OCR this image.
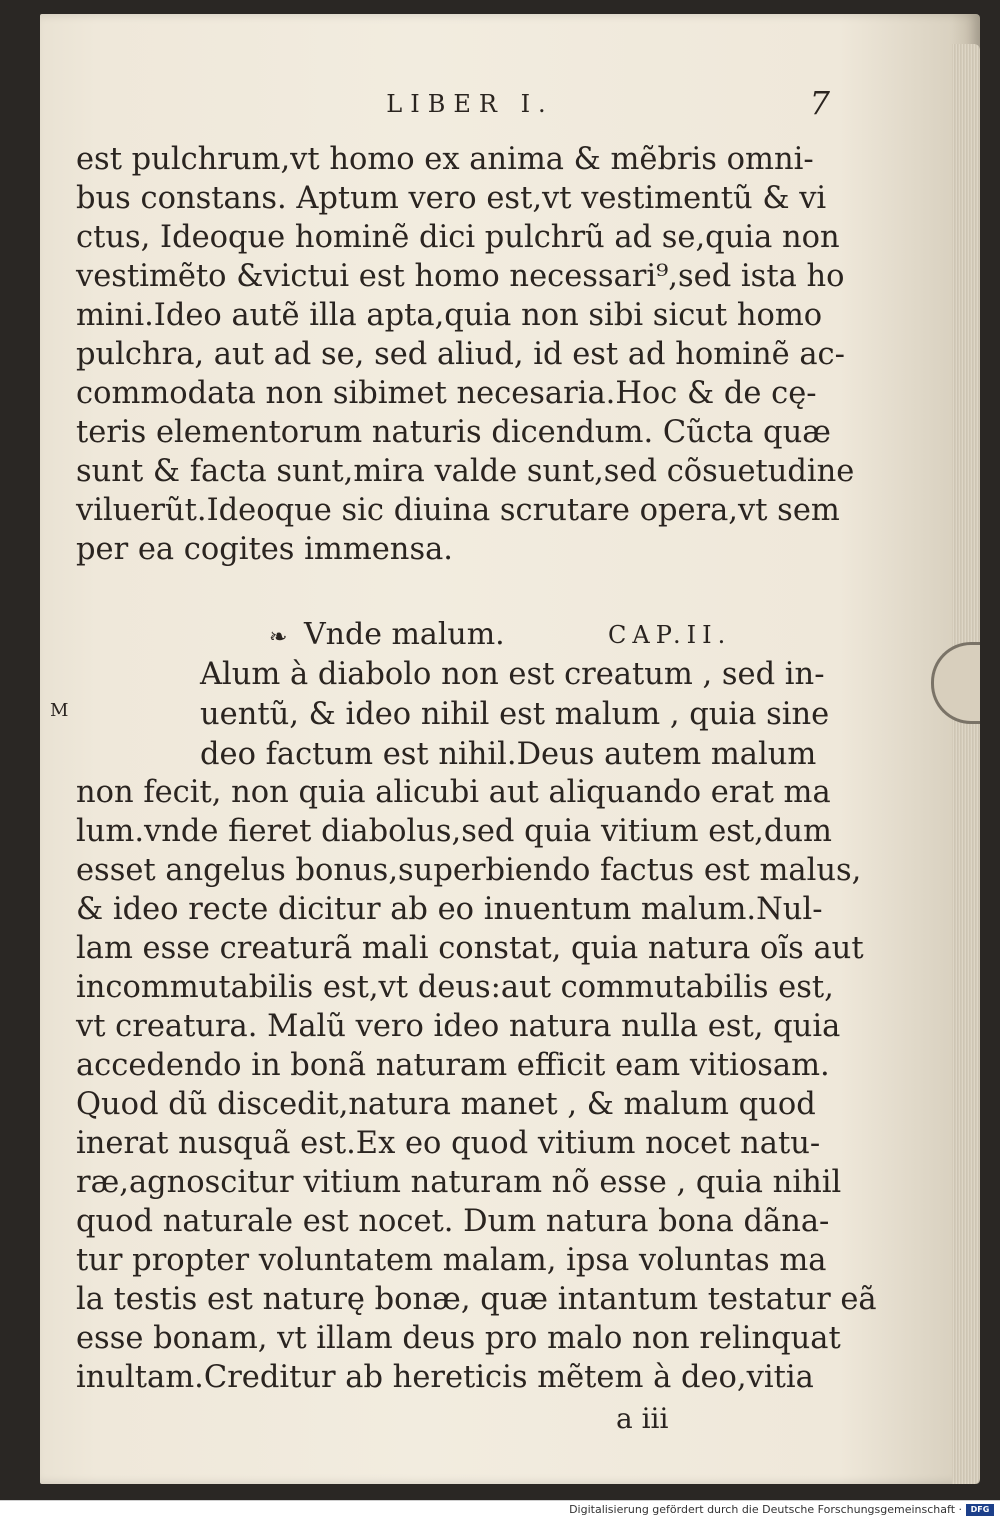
LIBER I.	7
est pulchrum,vt homo ex anima & mẽbris omni-
bus constans. Aptum vero est,vt vestimentũ & vi
ctus, Ideoque hominẽ dici pulchrũ ad se,quia non
vestimẽto &victui est homo necessari⁹,sed ista ho
mini.Ideo autẽ illa apta,quia non sibi sicut homo
pulchra, aut ad se, sed aliud, id est ad hominẽ ac-
commodata non sibimet necesaria.Hoc & de cę-
teris elementorum naturis dicendum. Cũcta quæ
sunt & facta sunt,mira valde sunt,sed cõsuetudine
viluerũt.Ideoque sic diuina scrutare opera,vt sem
per ea cogites immensa.
❧ Vnde malum.	CAP.II.
M
Alum à diabolo non est creatum , sed in-
uentũ, & ideo nihil est malum , quia sine
deo factum est nihil.Deus autem malum
non fecit, non quia alicubi aut aliquando erat ma
lum.vnde fieret diabolus,sed quia vitium est,dum
esset angelus bonus,superbiendo factus est malus,
& ideo recte dicitur ab eo inuentum malum.Nul-
lam esse creaturã mali constat, quia natura oĩs aut
incommutabilis est,vt deus:aut commutabilis est,
vt creatura. Malũ vero ideo natura nulla est, quia
accedendo in bonã naturam efficit eam vitiosam.
Quod dũ discedit,natura manet , & malum quod
inerat nusquã est.Ex eo quod vitium nocet natu-
ræ,agnoscitur vitium naturam nõ esse , quia nihil
quod naturale est nocet. Dum natura bona dãna-
tur propter voluntatem malam, ipsa voluntas ma
la testis est naturę bonæ, quæ intantum testatur eã
esse bonam, vt illam deus pro malo non relinquat
inultam.Creditur ab hereticis mẽtem à deo,vitia
a iii
Digitalisierung gefördert durch die Deutsche Forschungsgemeinschaft ·	DFG
